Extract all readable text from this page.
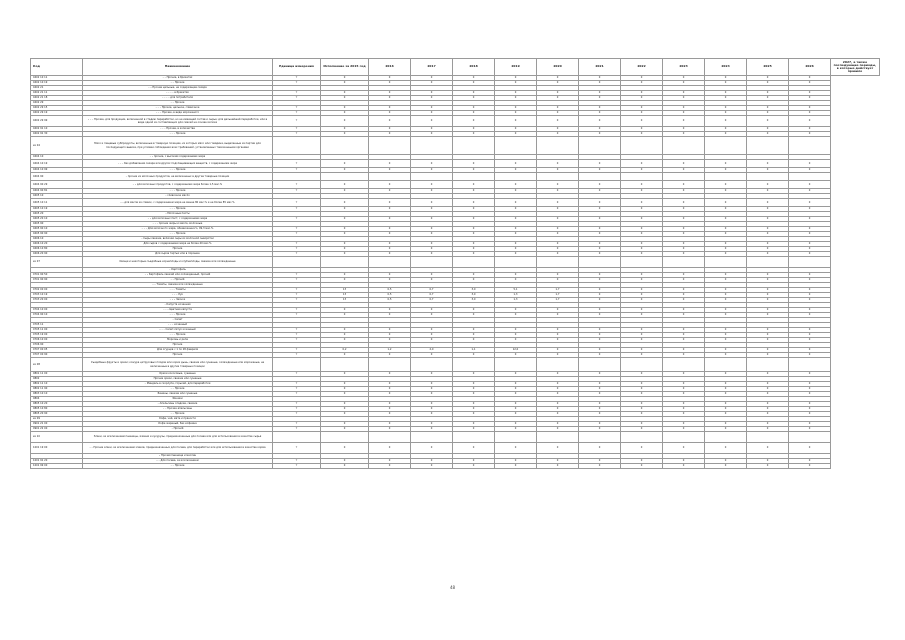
Код	Наименование	Единица измерения	Исполнение за 2015 год	2016	2017	2018	2019	2020	2021	2022	2023	2024	2025	2026	2027, а также последующие периоды, в которые действует правило
0402 10 11	– – Прочие, в брикетах	т	0	0	0	0	0	0	0	0	0	0	0	0	
0402 10 19	– – Прочие	т	0	0	0	0	0	0	0	0	0	0	0	0	
0402 21	– – Прочие цельные, не содержащие сахара														
0402 21 11	– – – – в брикетах	т	0	0	0	0	0	0	0	0	0	0	0	0	
0402 21 18	– – – – для потребителя	т	0	0	0	0	0	0	0	0	0	0	0	0	
0402 29	– – Прочие														
0402 29 15	– – – Прочие, цельное, сливочное	т	0	0	0	0	0	0	0	0	0	0	0	0	
0402 29 19	– – – Прочие, в виде мороженого	т	0	0	0	0	0	0	0	0	0	0	0	0	
0402 29 99	– – – Прочие, для продукции, включенной в стадию переработки, но не имеющей состав и сырье; для дальнейшей переработки, или в виде одной из составляющих для смесей на основе молока	т	0	0	0	0	0	0	0	0	0	0	0	0	
0402 91 10	– – – Прочие, в количестве	т	0	0	0	0	0	0	0	0	0	0	0	0	
0402 91 30	– – – Прочие	т	0	0	0	0	0	0	0	0	0	0	0	0	
ex 04	Мясо и пищевые субпродукты, включенные в товарную позицию, из которых мясо или говядина, выделенные из партии для последующего вывоза, при условии соблюдения всех требований, установленных таможенными органами														
0404 10	– – прочие, с высоким содержанием жира														
0404 10 19	– – – без добавления сахара или других подслащивающих веществ, с содержанием жира	т	0	0	0	0	0	0	0	0	0	0	0	0	
0404 10 99	– – – Прочие	т	0	0	0	0	0	0	0	0	0	0	0	0	
0404 90	– прочие из молочных продуктов, не включенных в другие товарные позиции														
0404 90 29	– – для молочных продуктов, с содержанием жира более 1,5 мас.%	т	0	0	0	0	0	0	0	0	0	0	0	0	
0404 90 81	– – – Прочие	т	0	0	0	0	0	0	0	0	0	0	0	0	
0405 10	– сливочное масло														
0405 10 11	– – для масла из сливок, с содержанием жира не менее 80 мас.% и не более 85 мас.%	т	0	0	0	0	0	0	0	0	0	0	0	0	
0405 10 19	– – – Прочие	т	0	0	0	0	0	0	0	0	0	0	0	0	
0405 20	– Молочные пасты														
0405 20 10	– – для молочных паст, с содержанием жира	т	0	0	0	0	0	0	0	0	0	0	0	0	
0405 90	– – – прочие жиры и масла, молочные														
0405 90 10	– – – Для молочного жира, обезвоженного, 99,3 мас.%	т	0	0	0	0	0	0	0	0	0	0	0	0	
0405 90 90	– – – Прочие	т	0	0	0	0	0	0	0	0	0	0	0	0	
0406 10	– Сыры свежие, включая сыры из молочной сыворотки														
0406 10 20	Для сыров с содержанием жира не более 40 мас.%	т	0	0	0	0	0	0	0	0	0	0	0	0	
0406 10 80	Прочие	т	0	0	0	0	0	0	0	0	0	0	0	0	
0406 20 90	Для сыров тертых или в порошке	т	0	0	0	0	0	0	0	0	0	0	0	0	
ex 07	Овощи и некоторые съедобные корнеплоды и клубнеплоды, свежие или охлажденные														
	– Картофель														
0701 90 50	– – Картофель свежий или охлажденный, прочий	т	0	0	0	0	0	0	0	0	0	0	0	0	
0701 90 90	– – Прочий	т	0	0	0	0	0	0	0	0	0	0	0	0	
	– – Томаты, свежие или охлажденные														
0702 00 00	– – – Томаты	т	13	0,5	0,7	3,0	5,1	1,7	0	0	0	0	0	0	
0703 10 19	– – – Лук	т	13	0,5	0,7	3,0	1,3	1,7	0	0	0	0	0	0	
0703 20 00	– – – Чеснок	т	13	0,5	0,7	3,0	1,3	1,7	0	0	0	0	0	0	
	– Капуста кочанная														
0704 10 00	– – – Цветная капуста	т	0	0	0	0	0	0	0	0	0	0	0	0	
0704 90 10	– – – Прочие	т	0	0	0	0	0	0	0	0	0	0	0	0	
	– Салат														
0705 11	– – – кочанный														
0705 11 00	– – – Салат-латук кочанный	т	0	0	0	0	0	0	0	0	0	0	0	0	
0705 19 00	– – – Прочие	т	0	0	0	0	0	0	0	0	0	0	0	0	
0706 10 00	Морковь и репа	т	0	0	0	0	0	0	0	0	0	0	0	0	
0706 90	Прочие														
0707 00 05	Для огурцов с 1 по 28 февраля	т	0,2	1,2	2,0	1,1	12,0	0	0	0	0	0	0	0	
0707 00 90	Прочие	т	0	0	0	0	0	0	0	0	0	0	0	0	
ex 08	Съедобные фрукты и орехи; кожура цитрусовых плодов или корки дынь, свежие или сушеные, охлажденные или мороженые, не включенные в другие товарные позиции														
0801 11 00	Орехи кокосовые, сушеные	т	0	0	0	0	0	0	0	0	0	0	0	0	
0802	Прочие орехи, свежие или сушеные														
0802 11 10	– Миндаль в скорлупе, горький, для переработки	т	0	0	0	0	0	0	0	0	0	0	0	0	
0802 11 90	– – Прочие	т	0	0	0	0	0	0	0	0	0	0	0	0	
0803 10 10	Бананы, свежие или сушеные	т	0	0	0	0	0	0	0	0	0	0	0	0	
0804	Финики														
0805 10 20	– Апельсины сладкие, свежие	т	0	0	0	0	0	0	0	0	0	0	0	0	
0805 10 80	– – Прочие апельсины	т	0	0	0	0	0	0	0	0	0	0	0	0	
0805 20 90	– – Прочие	т	0	0	0	0	0	0	0	0	0	0	0	0	
ex 09	Кофе, чай, мате и пряности														
0901 21 00	Кофе жареный, без кофеина	т	0	0	0	0	0	0	0	0	0	0	0	0	
0901 22 00	– Прочий	т	0	0	0	0	0	0	0	0	0	0	0	0	
ex 10	Злаки, за исключением пшеницы, ячменя и кукурузы, предназначенные для посева или для использования в качестве сырья														
1001 19 00	– – Прочие злаки, за исключением злаков, предназначенных для посева, для переработки или для использования в качестве корма	т	0	0	0	0	0	0	0	0	0	0	0	0	
	– Прочая пшеница и меслин														
1001 91 20	– – Для посева, за исключением	т	0	0	0	0	0	0	0	0	0	0	0	0	
1001 99 00	– – Прочие	т	0	0	0	0	0	0	0	0	0	0	0	0	
48
